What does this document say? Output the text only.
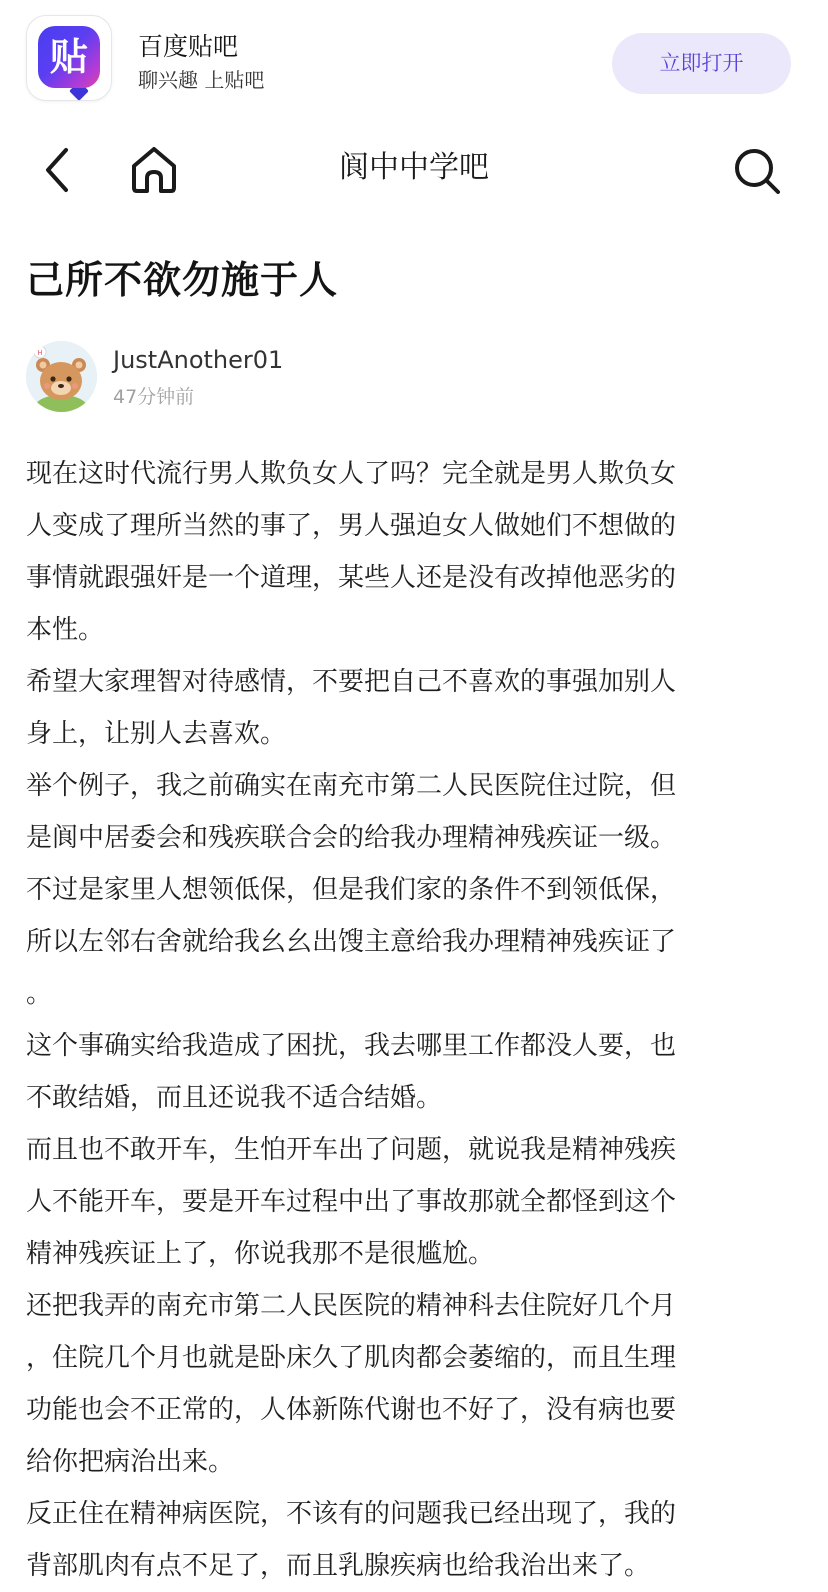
贴	百度贴吧
聊兴趣 上贴吧
立即打开
阆中中学吧
己所不欲勿施于人
H	JustAnother01
47分钟前
现在这时代流行男人欺负女人了吗？完全就是男人欺负女
人变成了理所当然的事了，男人强迫女人做她们不想做的
事情就跟强奸是一个道理，某些人还是没有改掉他恶劣的
本性。
希望大家理智对待感情，不要把自己不喜欢的事强加别人
身上，让别人去喜欢。
举个例子，我之前确实在南充市第二人民医院住过院，但
是阆中居委会和残疾联合会的给我办理精神残疾证一级。
不过是家里人想领低保，但是我们家的条件不到领低保，
所以左邻右舍就给我幺幺出馊主意给我办理精神残疾证了
。
这个事确实给我造成了困扰，我去哪里工作都没人要，也
不敢结婚，而且还说我不适合结婚。
而且也不敢开车，生怕开车出了问题，就说我是精神残疾
人不能开车，要是开车过程中出了事故那就全都怪到这个
精神残疾证上了，你说我那不是很尴尬。
还把我弄的南充市第二人民医院的精神科去住院好几个月
，住院几个月也就是卧床久了肌肉都会萎缩的，而且生理
功能也会不正常的，人体新陈代谢也不好了，没有病也要
给你把病治出来。
反正住在精神病医院，不该有的问题我已经出现了，我的
背部肌肉有点不足了，而且乳腺疾病也给我治出来了。
